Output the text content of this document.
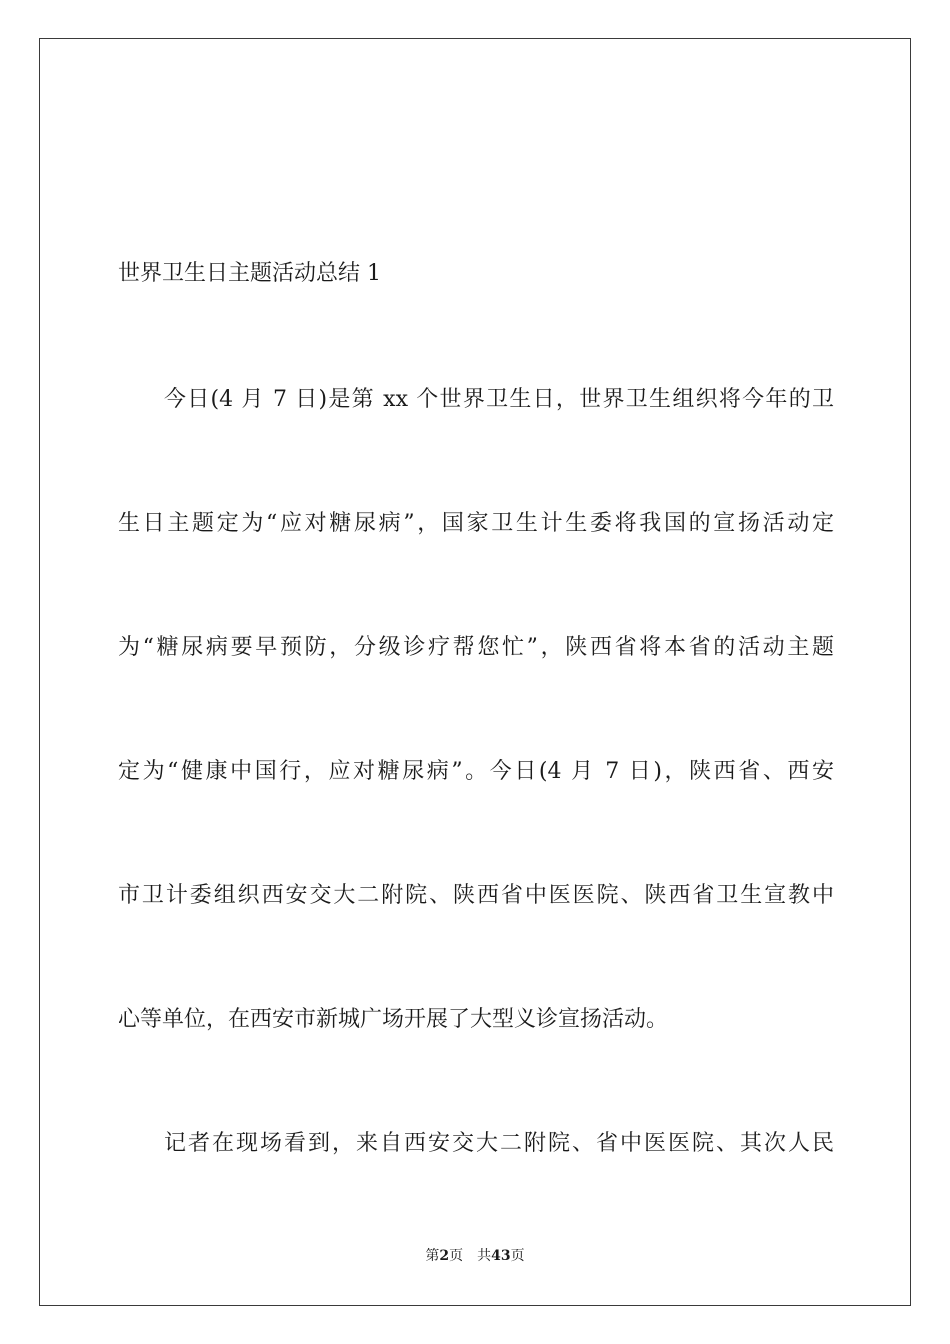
世界卫生日主题活动总结 1
今日(4 月 7 日)是第 xx 个世界卫生日，世界卫生组织将今年的卫
生日主题定为“应对糖尿病”，国家卫生计生委将我国的宣扬活动定
为“糖尿病要早预防，分级诊疗帮您忙”，陕西省将本省的活动主题
定为“健康中国行，应对糖尿病”。今日(4 月 7 日)，陕西省、西安
市卫计委组织西安交大二附院、陕西省中医医院、陕西省卫生宣教中
心等单位，在西安市新城广场开展了大型义诊宣扬活动。
记者在现场看到，来自西安交大二附院、省中医医院、其次人民
第2页 共43页
